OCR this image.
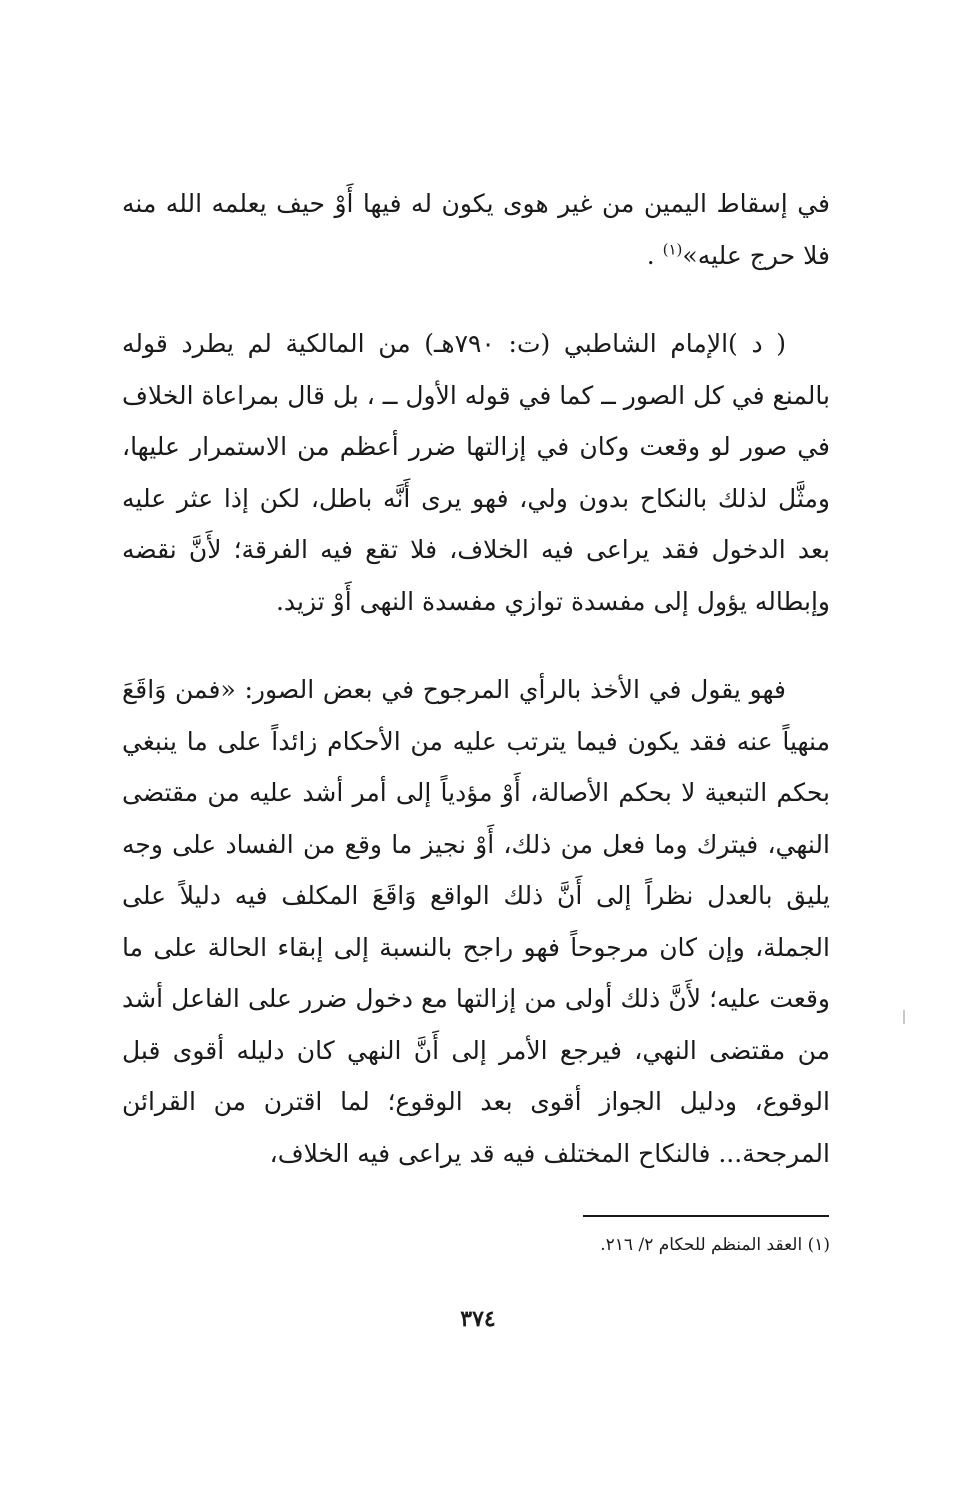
في إسقاط اليمين من غير هوى يكون له فيها أَوْ حيف يعلمه الله منه فلا حرج عليه»$^{(١)}$ .

( د )الإمام الشاطبي (ت: ٧٩٠هـ) من المالكية لم يطرد قوله بالمنع في كل الصور ــ كما في قوله الأول ــ ، بل قال بمراعاة الخلاف في صور لو وقعت وكان في إزالتها ضرر أعظم من الاستمرار عليها، ومثَّل لذلك بالنكاح بدون ولي، فهو يرى أَنَّه باطل، لكن إذا عثر عليه بعد الدخول فقد يراعى فيه الخلاف، فلا تقع فيه الفرقة؛ لأَنَّ نقضه وإبطاله يؤول إلى مفسدة توازي مفسدة النهى أَوْ تزيد.

فهو يقول في الأخذ بالرأي المرجوح في بعض الصور: «فمن وَاقَعَ منهياً عنه فقد يكون فيما يترتب عليه من الأحكام زائداً على ما ينبغي بحكم التبعية لا بحكم الأصالة، أَوْ مؤدياً إلى أمر أشد عليه من مقتضى النهي، فيترك وما فعل من ذلك، أَوْ نجيز ما وقع من الفساد على وجه يليق بالعدل نظراً إلى أَنَّ ذلك الواقع وَاقَعَ المكلف فيه دليلاً على الجملة، وإن كان مرجوحاً فهو راجح بالنسبة إلى إبقاء الحالة على ما وقعت عليه؛ لأَنَّ ذلك أولى من إزالتها مع دخول ضرر على الفاعل أشد من مقتضى النهي، فيرجع الأمر إلى أَنَّ النهي كان دليله أقوى قبل الوقوع، ودليل الجواز أقوى بعد الوقوع؛ لما اقترن من القرائن المرجحة... فالنكاح المختلف فيه قد يراعى فيه الخلاف،

(١) العقد المنظم للحكام ٢/ ٢١٦.

٣٧٤
